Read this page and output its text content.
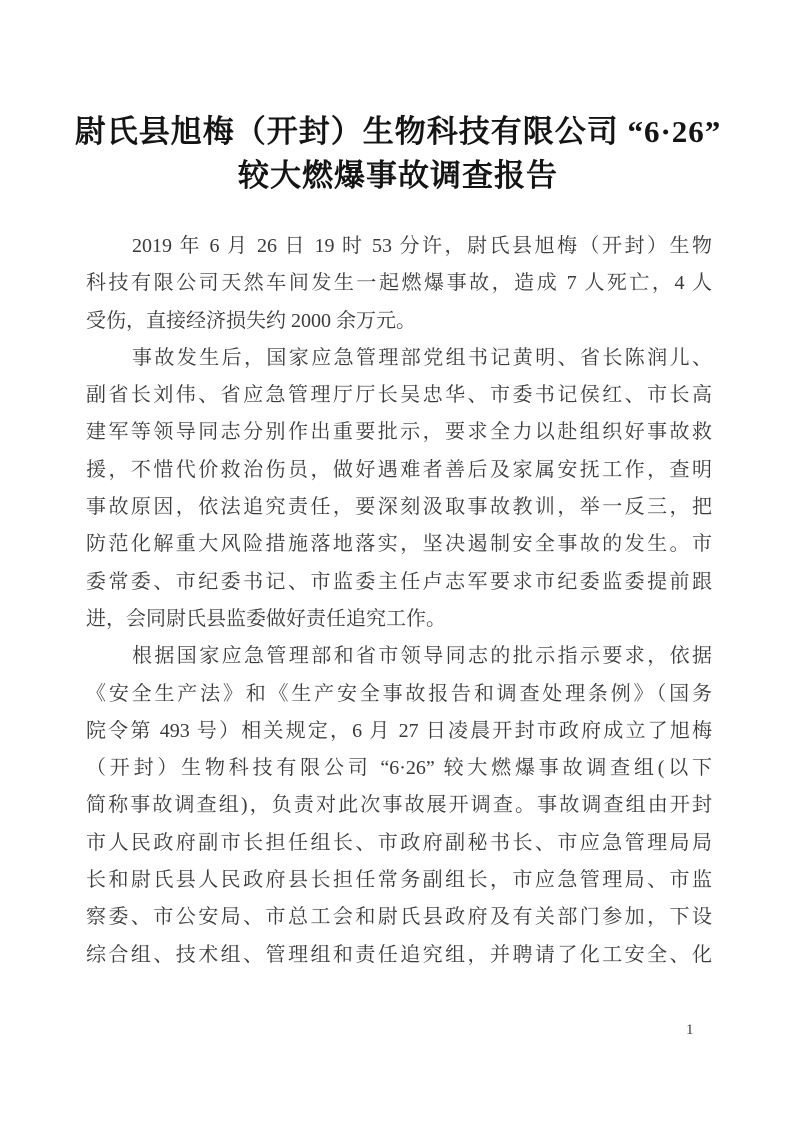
尉氏县旭梅（开封）生物科技有限公司 “6·26”
较大燃爆事故调查报告
2019 年 6 月 26 日 19 时 53 分许，尉氏县旭梅（开封）生物
科技有限公司天然车间发生一起燃爆事故，造成 7 人死亡，4 人
受伤，直接经济损失约 2000 余万元。
事故发生后，国家应急管理部党组书记黄明、省长陈润儿、
副省长刘伟、省应急管理厅厅长吴忠华、市委书记侯红、市长高
建军等领导同志分别作出重要批示，要求全力以赴组织好事故救
援，不惜代价救治伤员，做好遇难者善后及家属安抚工作，查明
事故原因，依法追究责任，要深刻汲取事故教训，举一反三，把
防范化解重大风险措施落地落实，坚决遏制安全事故的发生。市
委常委、市纪委书记、市监委主任卢志军要求市纪委监委提前跟
进，会同尉氏县监委做好责任追究工作。
根据国家应急管理部和省市领导同志的批示指示要求，依据
《安全生产法》和《生产安全事故报告和调查处理条例》（国务
院令第 493 号）相关规定，6 月 27 日凌晨开封市政府成立了旭梅
（开封）生物科技有限公司 “6·26” 较大燃爆事故调查组(以下
简称事故调查组)，负责对此次事故展开调查。事故调查组由开封
市人民政府副市长担任组长、市政府副秘书长、市应急管理局局
长和尉氏县人民政府县长担任常务副组长，市应急管理局、市监
察委、市公安局、市总工会和尉氏县政府及有关部门参加，下设
综合组、技术组、管理组和责任追究组，并聘请了化工安全、化
1
